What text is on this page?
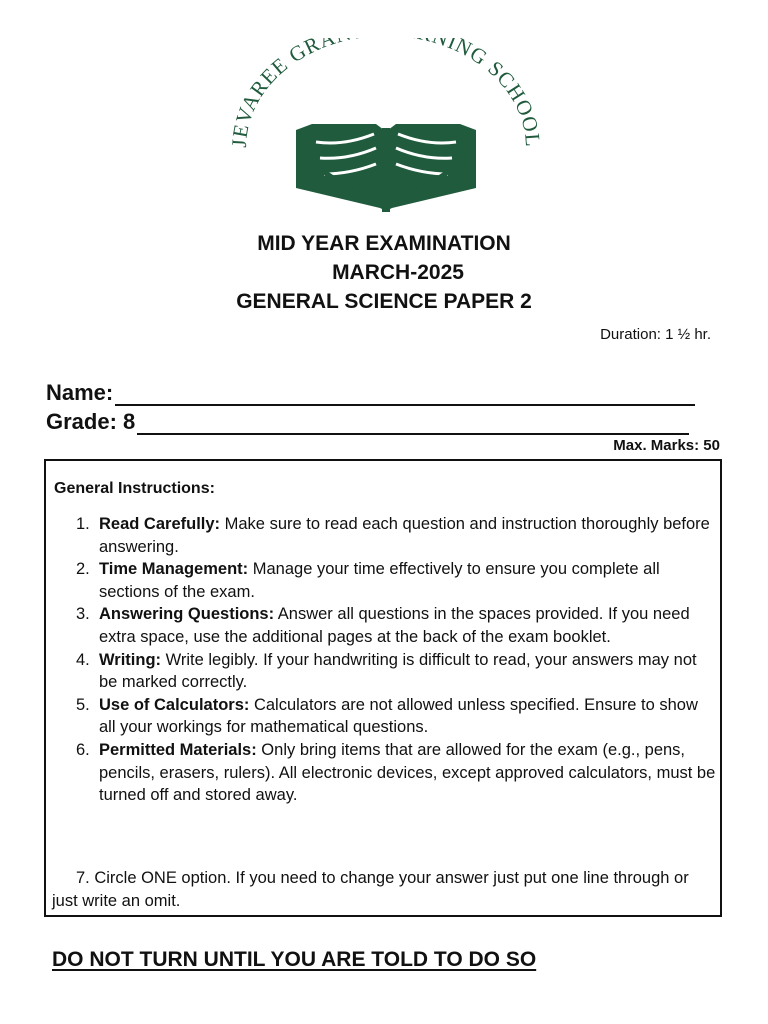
JEVAREE GRA ING SCHOOL
MID YEAR EXAMINATION
MARCH-2025
GENERAL SCIENCE PAPER 2
Duration: 1 ½ hr.
Name:
Grade: 8
Max. Marks: 50
General Instructions:
1. Read Carefully: Make sure to read each question and instruction thoroughly before answering.
2. Time Management: Manage your time effectively to ensure you complete all sections of the exam.
3. Answering Questions: Answer all questions in the spaces provided. If you need extra space, use the additional pages at the back of the exam booklet.
4. Writing: Write legibly. If your handwriting is difficult to read, your answers may not be marked correctly.
5. Use of Calculators: Calculators are not allowed unless specified. Ensure to show all your workings for mathematical questions.
6. Permitted Materials: Only bring items that are allowed for the exam (e.g., pens, pencils, erasers, rulers). All electronic devices, except approved calculators, must be turned off and stored away.
7. Circle ONE option. If you need to change your answer just put one line through or just write an omit.
DO NOT TURN UNTIL YOU ARE TOLD TO DO SO
